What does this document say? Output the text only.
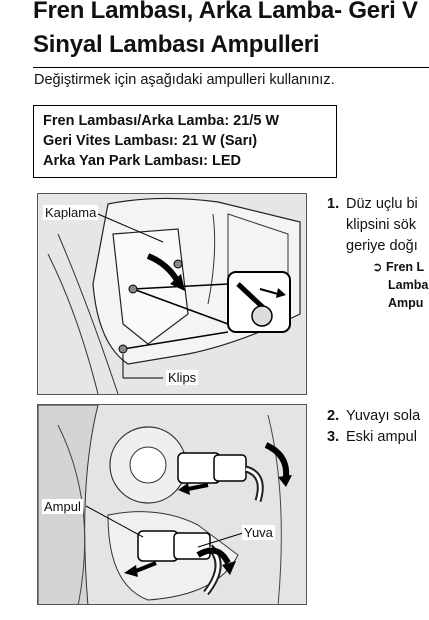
Fren Lambası, Arka Lamba- Geri V
Sinyal Lambası Ampulleri
Değiştirmek için aşağıdaki ampulleri kullanınız.
Fren Lambası/Arka Lamba: 21/5 W
Geri Vites Lambası: 21 W (Sarı)
Arka Yan Park Lambası: LED
Kaplama
Klips
Ampul
Yuva
1. Düz uçlu bi
klipsini sök
geriye doğı
➲ Fren L
Lamba
Ampu
2. Yuvayı sola
3. Eski ampul
